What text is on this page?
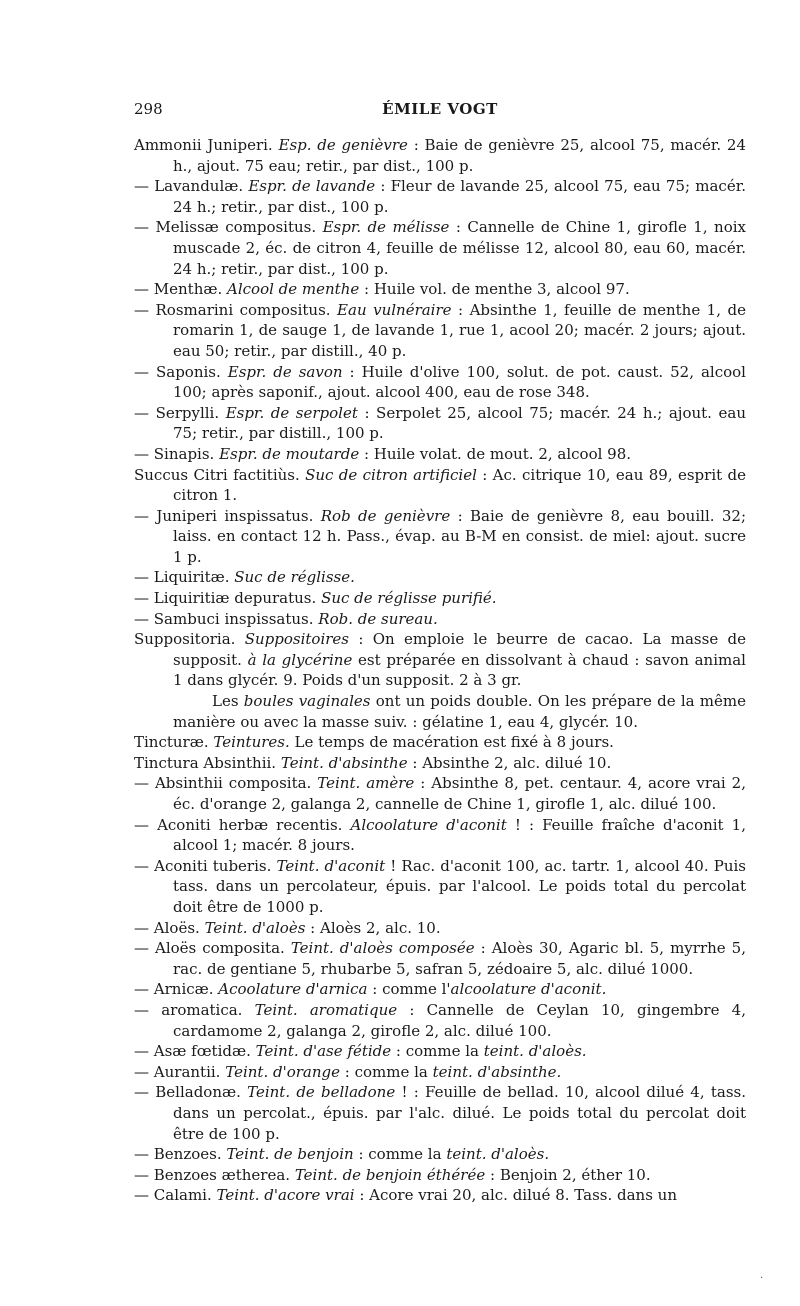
298	ÉMILE VOGT

Ammonii Juniperi. Esp. de genièvre : Baie de genièvre 25, alcool 75, macér. 24 h., ajout. 75 eau; retir., par dist., 100 p.

— Lavandulæ. Espr. de lavande : Fleur de lavande 25, alcool 75, eau 75; macér. 24 h.; retir., par dist., 100 p.

— Melissæ compositus. Espr. de mélisse : Cannelle de Chine 1, girofle 1, noix muscade 2, éc. de citron 4, feuille de mélisse 12, alcool 80, eau 60, macér. 24 h.; retir., par dist., 100 p.

— Menthæ. Alcool de menthe : Huile vol. de menthe 3, alcool 97.

— Rosmarini compositus. Eau vulnéraire : Absinthe 1, feuille de menthe 1, de romarin 1, de sauge 1, de lavande 1, rue 1, acool 20; macér. 2 jours; ajout. eau 50; retir., par distill., 40 p.

— Saponis. Espr. de savon : Huile d'olive 100, solut. de pot. caust. 52, alcool 100; après saponif., ajout. alcool 400, eau de rose 348.

— Serpylli. Espr. de serpolet : Serpolet 25, alcool 75; macér. 24 h.; ajout. eau 75; retir., par distill., 100 p.

— Sinapis. Espr. de moutarde : Huile volat. de mout. 2, alcool 98.

Succus Citri factitiùs. Suc de citron artificiel : Ac. citrique 10, eau 89, esprit de citron 1.

— Juniperi inspissatus. Rob de genièvre : Baie de genièvre 8, eau bouill. 32; laiss. en contact 12 h. Pass., évap. au B-M en consist. de miel: ajout. sucre 1 p.

— Liquiritæ. Suc de réglisse.

— Liquiritiæ depuratus. Suc de réglisse purifié.

— Sambuci inspissatus. Rob. de sureau.

Suppositoria. Suppositoires : On emploie le beurre de cacao. La masse de supposit. à la glycérine est préparée en dissolvant à chaud : savon animal 1 dans glycér. 9. Poids d'un supposit. 2 à 3 gr.

Les boules vaginales ont un poids double. On les prépare de la même manière ou avec la masse suiv. : gélatine 1, eau 4, glycér. 10.

Tincturæ. Teintures. Le temps de macération est fixé à 8 jours.

Tinctura Absinthii. Teint. d'absinthe : Absinthe 2, alc. dilué 10.

— Absinthii composita. Teint. amère : Absinthe 8, pet. centaur. 4, acore vrai 2, éc. d'orange 2, galanga 2, cannelle de Chine 1, girofle 1, alc. dilué 100.

— Aconiti herbæ recentis. Alcoolature d'aconit ! : Feuille fraîche d'aconit 1, alcool 1; macér. 8 jours.

— Aconiti tuberis. Teint. d'aconit ! Rac. d'aconit 100, ac. tartr. 1, alcool 40. Puis tass. dans un percolateur, épuis. par l'alcool. Le poids total du percolat doit être de 1000 p.

— Aloës. Teint. d'aloès : Aloès 2, alc. 10.

— Aloës composita. Teint. d'aloès composée : Aloès 30, Agaric bl. 5, myrrhe 5, rac. de gentiane 5, rhubarbe 5, safran 5, zédoaire 5, alc. dilué 1000.

— Arnicæ. Acoolature d'arnica : comme l'alcoolature d'aconit.

— aromatica. Teint. aromatique : Cannelle de Ceylan 10, gingembre 4, cardamome 2, galanga 2, girofle 2, alc. dilué 100.

— Asæ fœtidæ. Teint. d'ase fétide : comme la teint. d'aloès.

— Aurantii. Teint. d'orange : comme la teint. d'absinthe.

— Belladonæ. Teint. de belladone ! : Feuille de bellad. 10, alcool dilué 4, tass. dans un percolat., épuis. par l'alc. dilué. Le poids total du percolat doit être de 100 p.

— Benzoes. Teint. de benjoin : comme la teint. d'aloès.

— Benzoes ætherea. Teint. de benjoin éthérée : Benjoin 2, éther 10.

— Calami. Teint. d'acore vrai : Acore vrai 20, alc. dilué 8. Tass. dans un

.
